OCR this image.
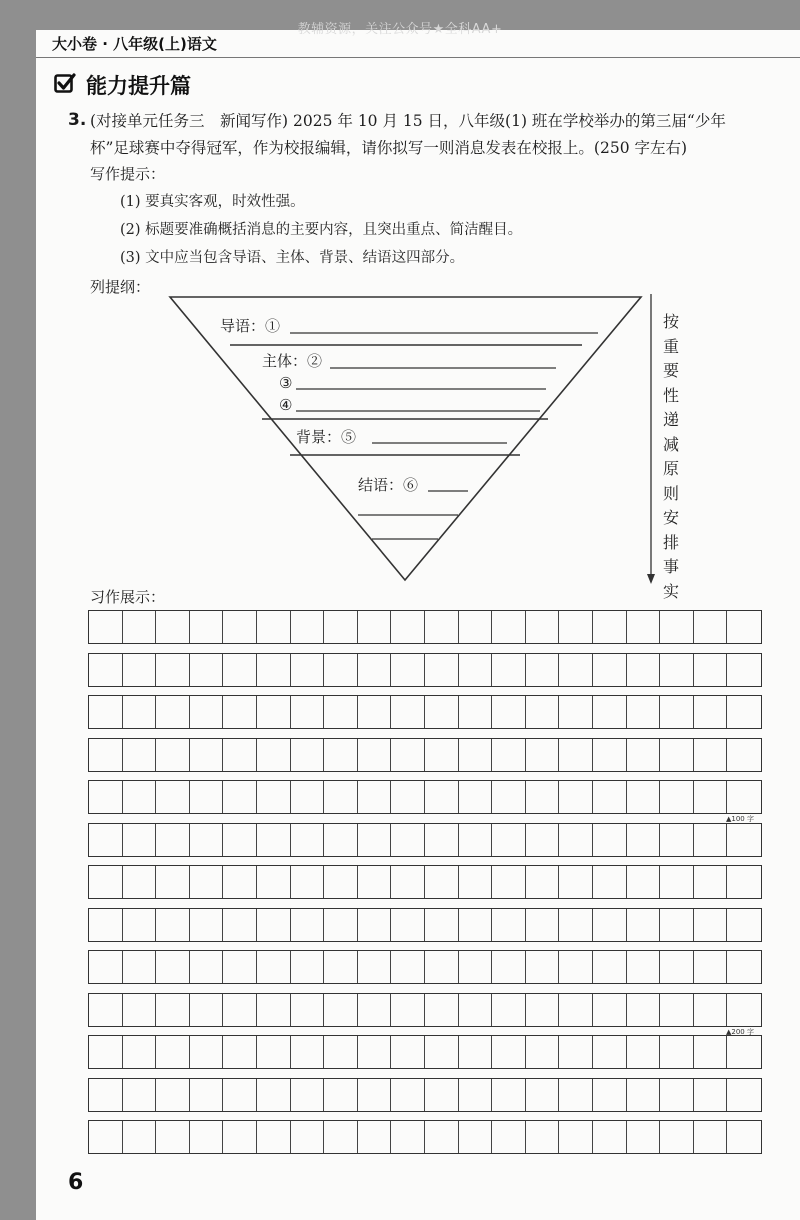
教辅资源，关注公众号★全科AA+
大小卷 · 八年级(上)语文
能力提升篇
3. (对接单元任务三　新闻写作) 2025 年 10 月 15 日，八年级(1) 班在学校举办的第三届“少年
杯”足球赛中夺得冠军，作为校报编辑，请你拟写一则消息发表在校报上。(250 字左右)
写作提示：
(1) 要真实客观，时效性强。
(2) 标题要准确概括消息的主要内容，且突出重点、简洁醒目。
(3) 文中应当包含导语、主体、背景、结语这四部分。
列提纲：
导语：①
主体：②
③
④
背景：⑤
结语：⑥
按重要性递减原则安排事实
习作展示：
▲100 字
▲200 字
6
